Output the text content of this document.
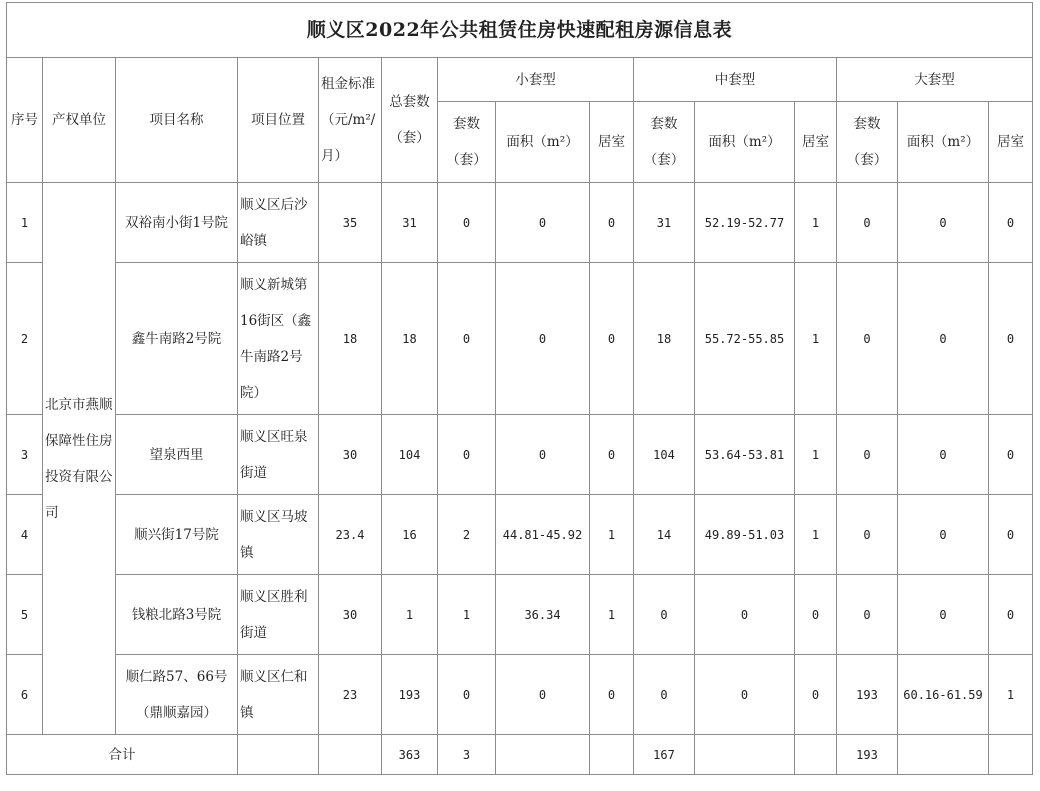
顺义区2022年公共租赁住房快速配租房源信息表														
序号	产权单位	项目名称	项目位置	租金标准（元/m²/月）	总套数（套）	小套型			中套型			大套型		
						套数（套）	面积（m²）	居室	套数（套）	面积（m²）	居室	套数（套）	面积（m²）	居室
1	北京市燕顺保障性住房投资有限公司	双裕南小街1号院	顺义区后沙峪镇	35	31	0	0	0	31	52.19-52.77	1	0	0	0
2		鑫牛南路2号院	顺义新城第16街区（鑫牛南路2号院）	18	18	0	0	0	18	55.72-55.85	1	0	0	0
3		望泉西里	顺义区旺泉街道	30	104	0	0	0	104	53.64-53.81	1	0	0	0
4		顺兴街17号院	顺义区马坡镇	23.4	16	2	44.81-45.92	1	14	49.89-51.03	1	0	0	0
5		钱粮北路3号院	顺义区胜利街道	30	1	1	36.34	1	0	0	0	0	0	0
6		顺仁路57、66号（鼎顺嘉园）	顺义区仁和镇	23	193	0	0	0	0	0	0	193	60.16-61.59	1
合计					363	3			167			193		
